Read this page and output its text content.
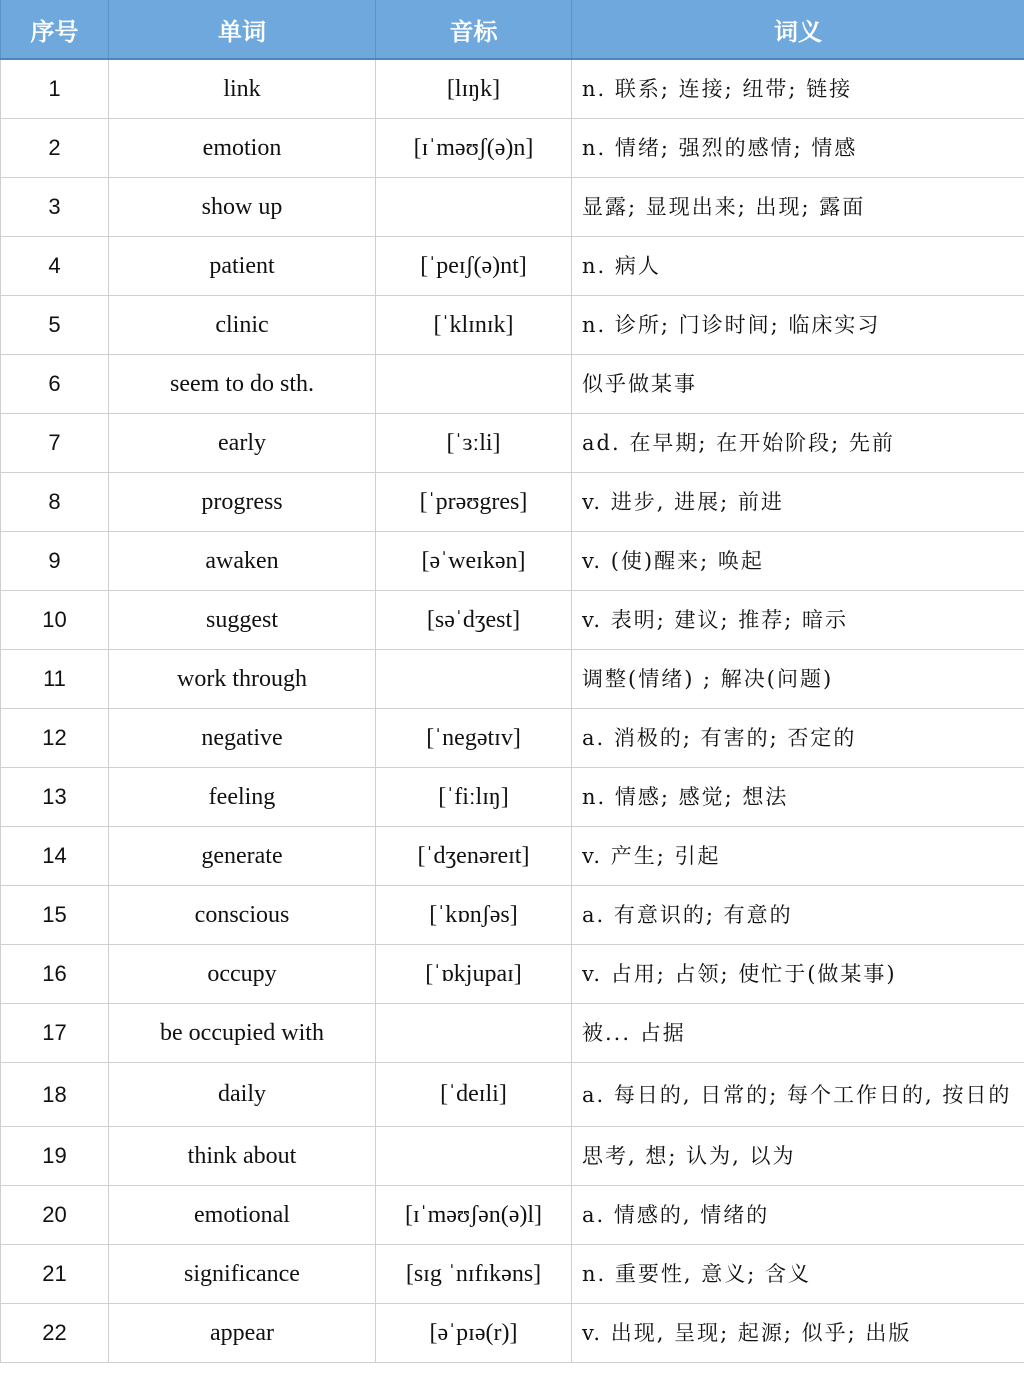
序号	单词	音标	词义
1	link	[lɪŋk]	n. 联系; 连接; 纽带; 链接
2	emotion	[ɪˈməʊʃ(ə)n]	n. 情绪; 强烈的感情; 情感
3	show up		显露; 显现出来; 出现; 露面
4	patient	[ˈpeɪʃ(ə)nt]	n. 病人
5	clinic	[ˈklɪnɪk]	n. 诊所; 门诊时间; 临床实习
6	seem to do sth.		似乎做某事
7	early	[ˈɜːli]	ad. 在早期; 在开始阶段; 先前
8	progress	[ˈprəʊgres]	v. 进步, 进展; 前进
9	awaken	[əˈweɪkən]	v. (使)醒来; 唤起
10	suggest	[səˈdʒest]	v. 表明; 建议; 推荐; 暗示
11	work through		调整(情绪) ; 解决(问题)
12	negative	[ˈnegətɪv]	a. 消极的; 有害的; 否定的
13	feeling	[ˈfiːlɪŋ]	n. 情感; 感觉; 想法
14	generate	[ˈdʒenəreɪt]	v. 产生; 引起
15	conscious	[ˈkɒnʃəs]	a. 有意识的; 有意的
16	occupy	[ˈɒkjupaɪ]	v. 占用; 占领; 使忙于(做某事)
17	be occupied with		被... 占据
18	daily	[ˈdeɪli]	a. 每日的, 日常的; 每个工作日的, 按日的
19	think about		思考, 想; 认为, 以为
20	emotional	[ɪˈməʊʃən(ə)l]	a. 情感的, 情绪的
21	significance	[sɪg ˈnɪfɪkəns]	n. 重要性, 意义; 含义
22	appear	[əˈpɪə(r)]	v. 出现, 呈现; 起源; 似乎; 出版
